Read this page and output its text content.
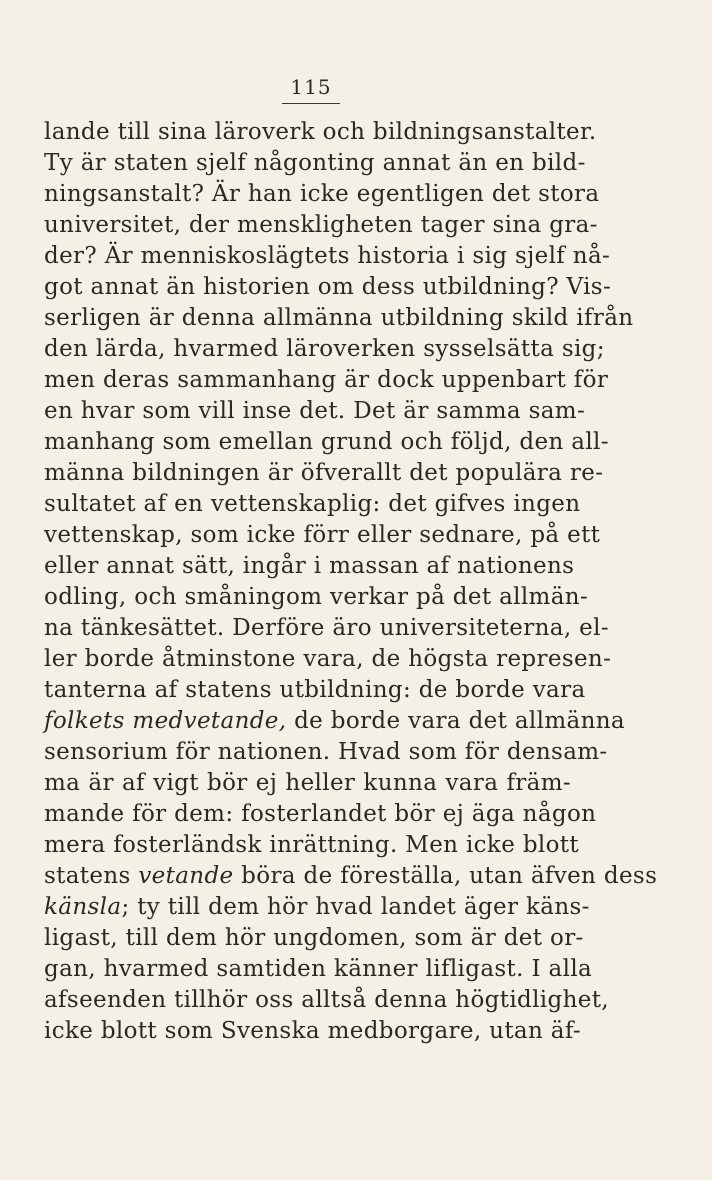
115
lande till sina läroverk och bildningsanstalter.
Ty är staten sjelf någonting annat än en bild-
ningsanstalt? Är han icke egentligen det stora
universitet, der menskligheten tager sina gra-
der? Är menniskoslägtets historia i sig sjelf nå-
got annat än historien om dess utbildning? Vis-
serligen är denna allmänna utbildning skild ifrån
den lärda, hvarmed läroverken sysselsätta sig;
men deras sammanhang är dock uppenbart för
en hvar som vill inse det. Det är samma sam-
manhang som emellan grund och följd, den all-
männa bildningen är öfverallt det populära re-
sultatet af en vettenskaplig: det gifves ingen
vettenskap, som icke förr eller sednare, på ett
eller annat sätt, ingår i massan af nationens
odling, och småningom verkar på det allmän-
na tänkesättet. Derföre äro universiteterna, el-
ler borde åtminstone vara, de högsta represen-
tanterna af statens utbildning: de borde vara
folkets medvetande, de borde vara det allmänna
sensorium för nationen. Hvad som för densam-
ma är af vigt bör ej heller kunna vara främ-
mande för dem: fosterlandet bör ej äga någon
mera fosterländsk inrättning. Men icke blott
statens vetande böra de föreställa, utan äfven dess
känsla; ty till dem hör hvad landet äger käns-
ligast, till dem hör ungdomen, som är det or-
gan, hvarmed samtiden känner lifligast. I alla
afseenden tillhör oss alltså denna högtidlighet,
icke blott som Svenska medborgare, utan äf-
